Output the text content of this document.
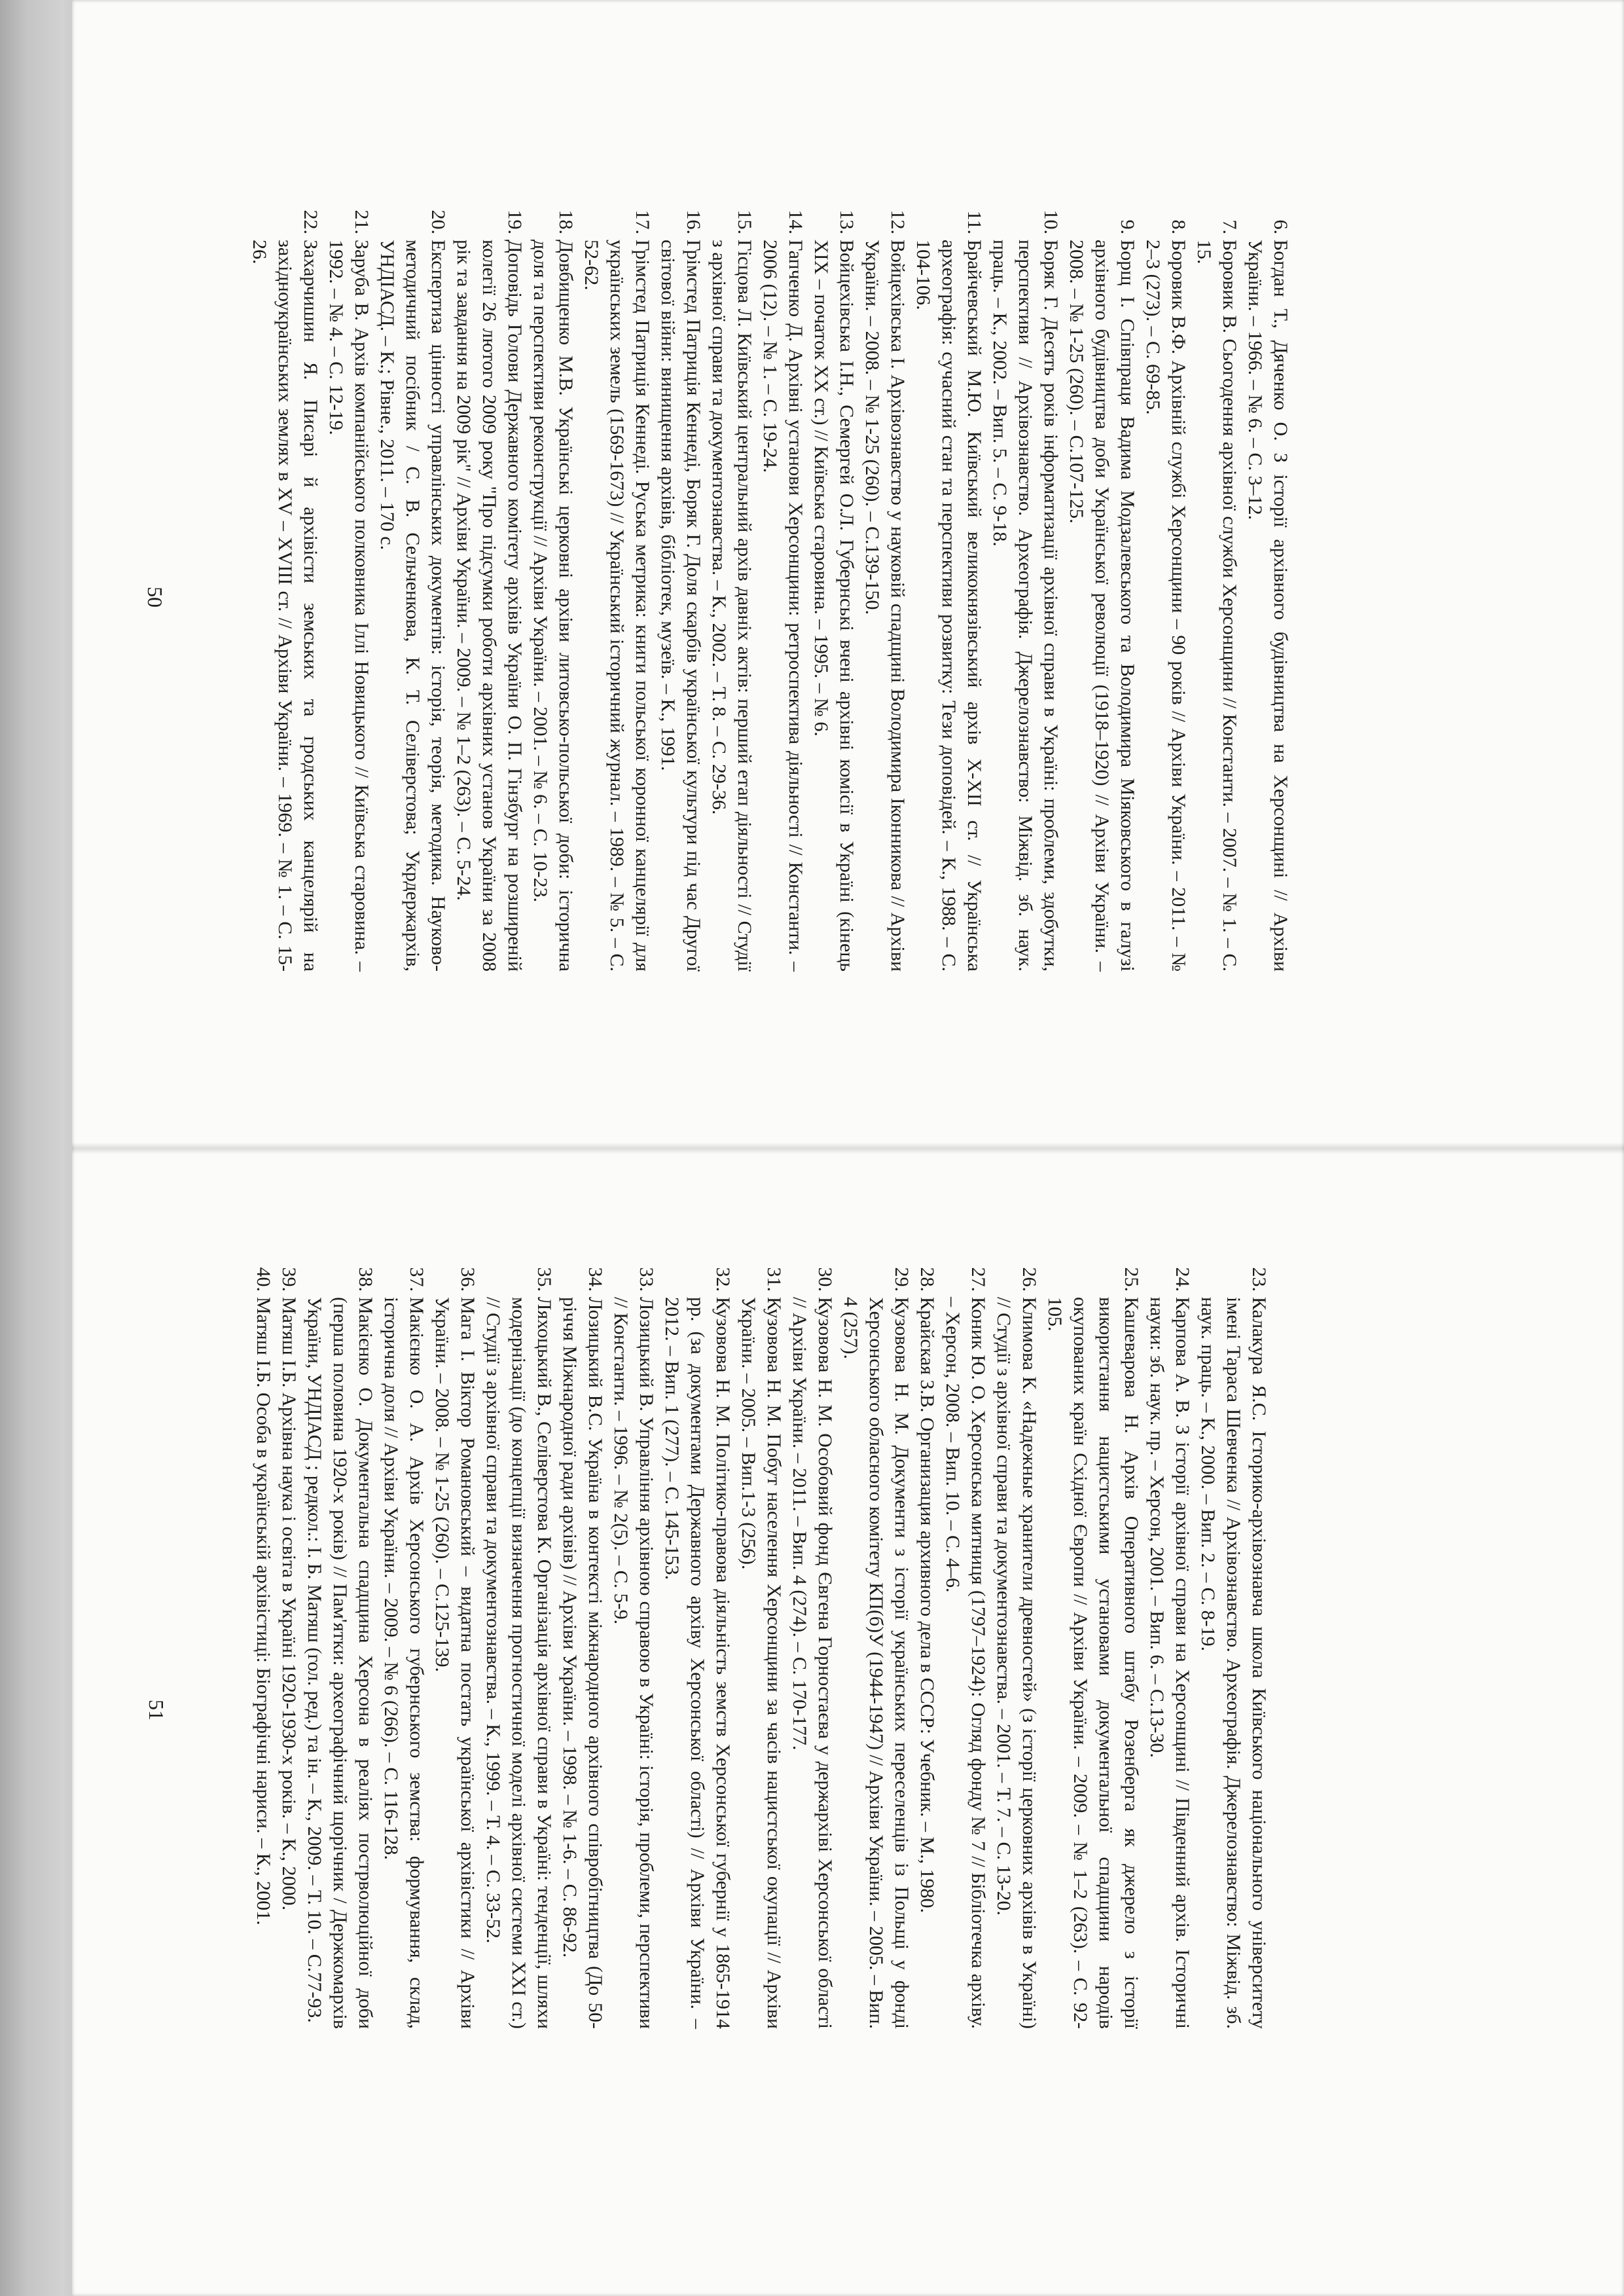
6.
Богдан Т., Дяченко О. З історії архівного будівництва на Херсонщині // Архіви України. – 1966. – № 6. – С. 3–12.
7.
Боровик В. Сьогодення архівної служби Херсонщини // Константи. – 2007. – № 1. – С. 15.
8.
Боровик В.Ф. Архівній службі Херсонщини – 90 років // Архіви України. – 2011. – № 2–3 (273). – С. 69-85.
9.
Борщ І. Співпраця Вадима Модзалевського та Володимира Міяковського в галузі архівного будівництва доби Української революції (1918–1920) // Архіви України. – 2008. – № 1-25 (260). – С.107-125.
10.
Боряк Г. Десять років інформатизації архівної справи в Україні: проблеми, здобутки, перспективи // Архівознавство. Археографія. Джерелознавство: Міжвід. зб. наук. праць. – К., 2002. – Вип. 5. – С. 9-18.
11.
Брайчевський М.Ю. Київський великокнязівський архів X-XII ст. // Українська археографія: сучасний стан та перспективи розвитку: Тези доповідей. – К., 1988. – С. 104-106.
12.
Войцехівська І. Архівознавство у науковій спадщині Володимира Іконникова // Архіви України. – 2008. – № 1-25 (260). – С.139-150.
13.
Войцехівська І.Н., Семергей О.Л. Губернські вчені архівні комісії в Україні (кінець XIX – початок XX ст.) // Київська старовина. – 1995. – № 6.
14.
Гапченко Д. Архівні установи Херсонщини: ретроспектива діяльності // Константи. – 2006 (12). – № 1. – С. 19-24.
15.
Гісцова Л. Київський центральний архів давніх актів: перший етап діяльності // Студії з архівної справи та документознавства. – К., 2002. – Т. 8. – С. 29-36.
16.
Грімстед Патриція Кеннеді, Боряк Г. Доля скарбів української культури під час Другої світової війни: винищення архівів, бібліотек, музеїв. – К., 1991.
17.
Грімстед Патриція Кеннеді. Руська метрика: книги польської коронної канцелярії для українських земель (1569-1673) // Український історичний журнал. – 1989. – № 5. – С. 52-62.
18.
Довбищенко М.В. Українські церковні архіви литовсько-польської доби: історична доля та перспективи реконструкції // Архіви України. – 2001. – № 6. – С. 10-23.
19.
Доповідь Голови Державного комітету архівів України О. П. Гінзбург на розширеній колегії 26 лютого 2009 року "Про підсумки роботи архівних установ України за 2008 рік та завдання на 2009 рік" // Архіви України. – 2009. – № 1–2 (263). – С. 5-24.
20.
Експертиза цінності управлінських документів: історія, теорія, методика. Науково-методичний посібник / С. В. Сельченкова, К. Т. Селіверстова; Укрдержархів, УНДІАСД. – К.; Рівне., 2011. – 170 с.
21.
Заруба В. Архів компанійського полковника Іллі Новицького // Київська старовина. – 1992. – № 4. – С. 12-19.
22.
Захарчишин Я. Писарі й архівісти земських та гродських канцелярій на західноукраїнських землях в XV – XVIII ст. // Архіви України. – 1969. – № 1. – С. 15-26.
50
23.
Калакура Я.С. Історико-архівознавча школа Київського національного університету імені Тараса Шевченка // Архівознавство. Археографія. Джерелознавство: Міжвід. зб. наук. праць. – К., 2000. – Вип. 2. – С. 8-19.
24.
Карпова А. В. З історії архівної справи на Херсонщині // Південний архів. Історичні науки: зб. наук. пр. – Херсон, 2001. – Вип. 6. – С.13-30.
25.
Кашеварова Н. Архів Оперативного штабу Розенберга як джерело з історії використання нацистськими установами документальної спадщини народів окупованих країн Східної Європи // Архіви України. – 2009. – № 1–2 (263). – С. 92-105.
26.
Климова К. «Надежные хранители древностей» (з історії церковних архівів в Україні) // Студії з архівної справи та документознавства. – 2001. – Т. 7. – С. 13-20.
27.
Коник Ю. О. Херсонська митниця (1797–1924): Огляд фонду № 7 // Бібліотечка архіву. – Херсон, 2008. – Вип. 10. – С. 4–6.
28.
Крайская З.В. Организация архивного дела в СССР: Учебник. – М., 1980.
29.
Кузовова Н. М. Документи з історії українських переселенців із Польщі у фонді Херсонського обласного комітету КП(б)У (1944-1947) // Архіви України. – 2005. – Вип. 4 (257).
30.
Кузовова Н. М. Особовий фонд Євгена Горностаєва у держархіві Херсонської області // Архіви України. – 2011. – Вип. 4 (274). – С. 170-177.
31.
Кузовова Н. М. Побут населення Херсонщини за часів нацистської окупації // Архіви України. – 2005. – Вип.1-3 (256).
32.
Кузовова Н. М. Політико-правова діяльність земств Херсонської губернії у 1865-1914 рр. (за документами Державного архіву Херсонської області) // Архіви України. – 2012. – Вип. 1 (277). – С. 145-153.
33.
Лозицький В. Управління архівною справою в Україні: історія, проблеми, перспективи // Константи. – 1996. – № 2(5). – С. 5-9.
34.
Лозицький В.С. Україна в контексті міжнародного архівного співробітництва (До 50-річчя Міжнародної ради архівів) // Архіви України. – 1998. – № 1-6. – С. 86-92.
35.
Ляхоцький В., Селіверстова К. Організація архівної справи в Україні: тенденції, шляхи модернізації (до концепції визначення прогностичної моделі архівної системи XXI ст.) // Студії з архівної справи та документознавства. – К., 1999. – Т. 4. – С. 33-52.
36.
Мага І. Віктор Романовський – видатна постать української архівістики // Архіви України. – 2008. – № 1-25 (260). – С.125-139.
37.
Макієнко О. А. Архів Херсонського губернського земства: формування, склад, історична доля // Архіви України. – 2009. – № 6 (266). – С. 116-128.
38.
Макієнко О. Документальна спадщина Херсона в реаліях пострволюційної доби (перша половина 1920-х років) // Пам'ятки: археографічний щорічник / Держкомархів України, УНДІАСД ; редкол.: І. Б. Матяш (гол. ред.) та ін. – К., 2009. – Т. 10. – С.77-93.
39.
Матяш І.Б. Архівна наука і освіта в Україні 1920-1930-х років. – К., 2000.
40.
Матяш І.Б. Особа в українській архівістиці: Біографічні нариси. – К., 2001.
51
